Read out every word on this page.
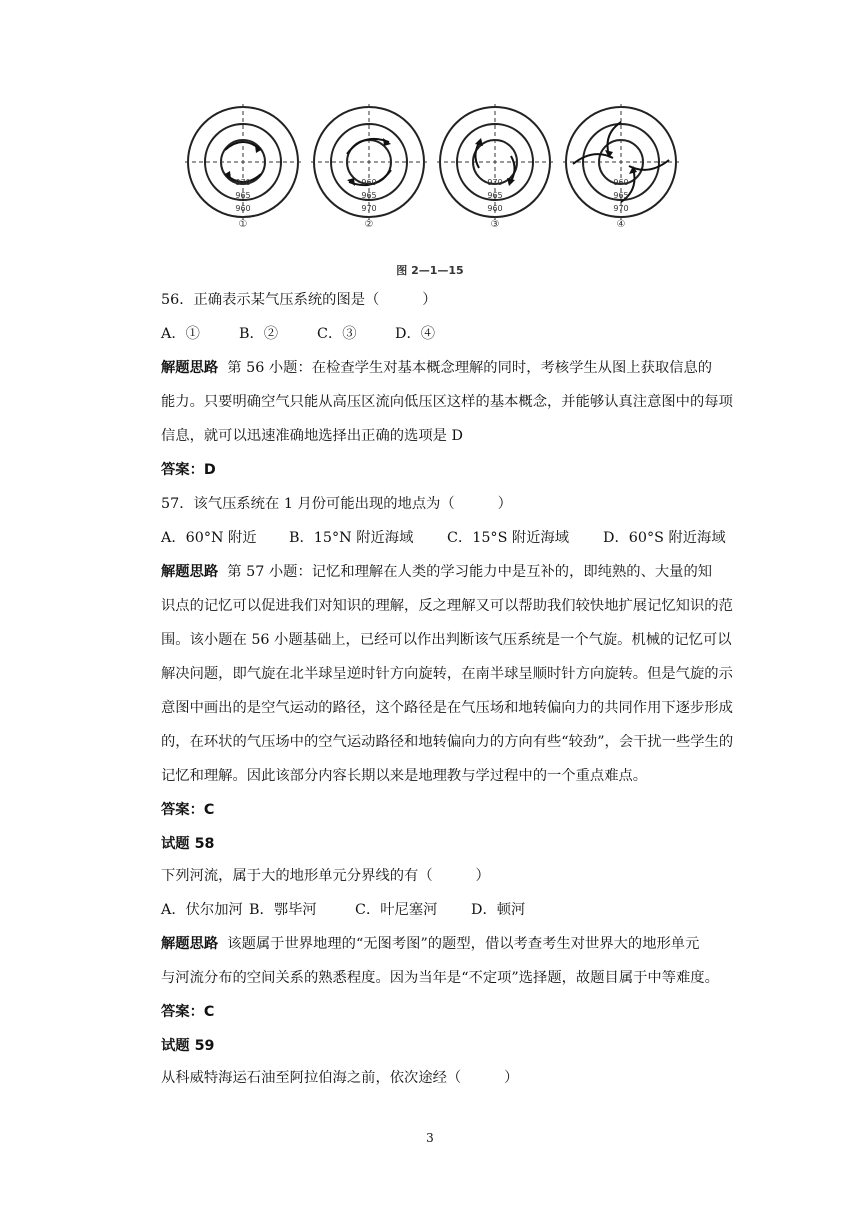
970
965
960
①
960
965
970
②
970
965
960
③
960
965
970
④
图 2—1—15
56．正确表示某气压系统的图是（　　　）
A．①	B．②	C．③	D．④
解题思路 第 56 小题：在检查学生对基本概念理解的同时，考核学生从图上获取信息的
能力。只要明确空气只能从高压区流向低压区这样的基本概念，并能够认真注意图中的每项
信息，就可以迅速准确地选择出正确的选项是 D
答案：D
57．该气压系统在 1 月份可能出现的地点为（　　　）
A．60°N 附近 B．15°N 附近海域 C．15°S 附近海域 D．60°S 附近海域
解题思路 第 57 小题：记忆和理解在人类的学习能力中是互补的，即纯熟的、大量的知
识点的记忆可以促进我们对知识的理解，反之理解又可以帮助我们较快地扩展记忆知识的范
围。该小题在 56 小题基础上，已经可以作出判断该气压系统是一个气旋。机械的记忆可以
解决问题，即气旋在北半球呈逆时针方向旋转，在南半球呈顺时针方向旋转。但是气旋的示
意图中画出的是空气运动的路径，这个路径是在气压场和地转偏向力的共同作用下逐步形成
的，在环状的气压场中的空气运动路径和地转偏向力的方向有些“较劲”，会干扰一些学生的
记忆和理解。因此该部分内容长期以来是地理教与学过程中的一个重点难点。
答案：C
试题 58
下列河流，属于大的地形单元分界线的有（　　　）
A．伏尔加河 B．鄂毕河	C．叶尼塞河 D．顿河
解题思路 该题属于世界地理的“无图考图”的题型，借以考查考生对世界大的地形单元
与河流分布的空间关系的熟悉程度。因为当年是“不定项”选择题，故题目属于中等难度。
答案：C
试题 59
从科威特海运石油至阿拉伯海之前，依次途经（　　　）
3
